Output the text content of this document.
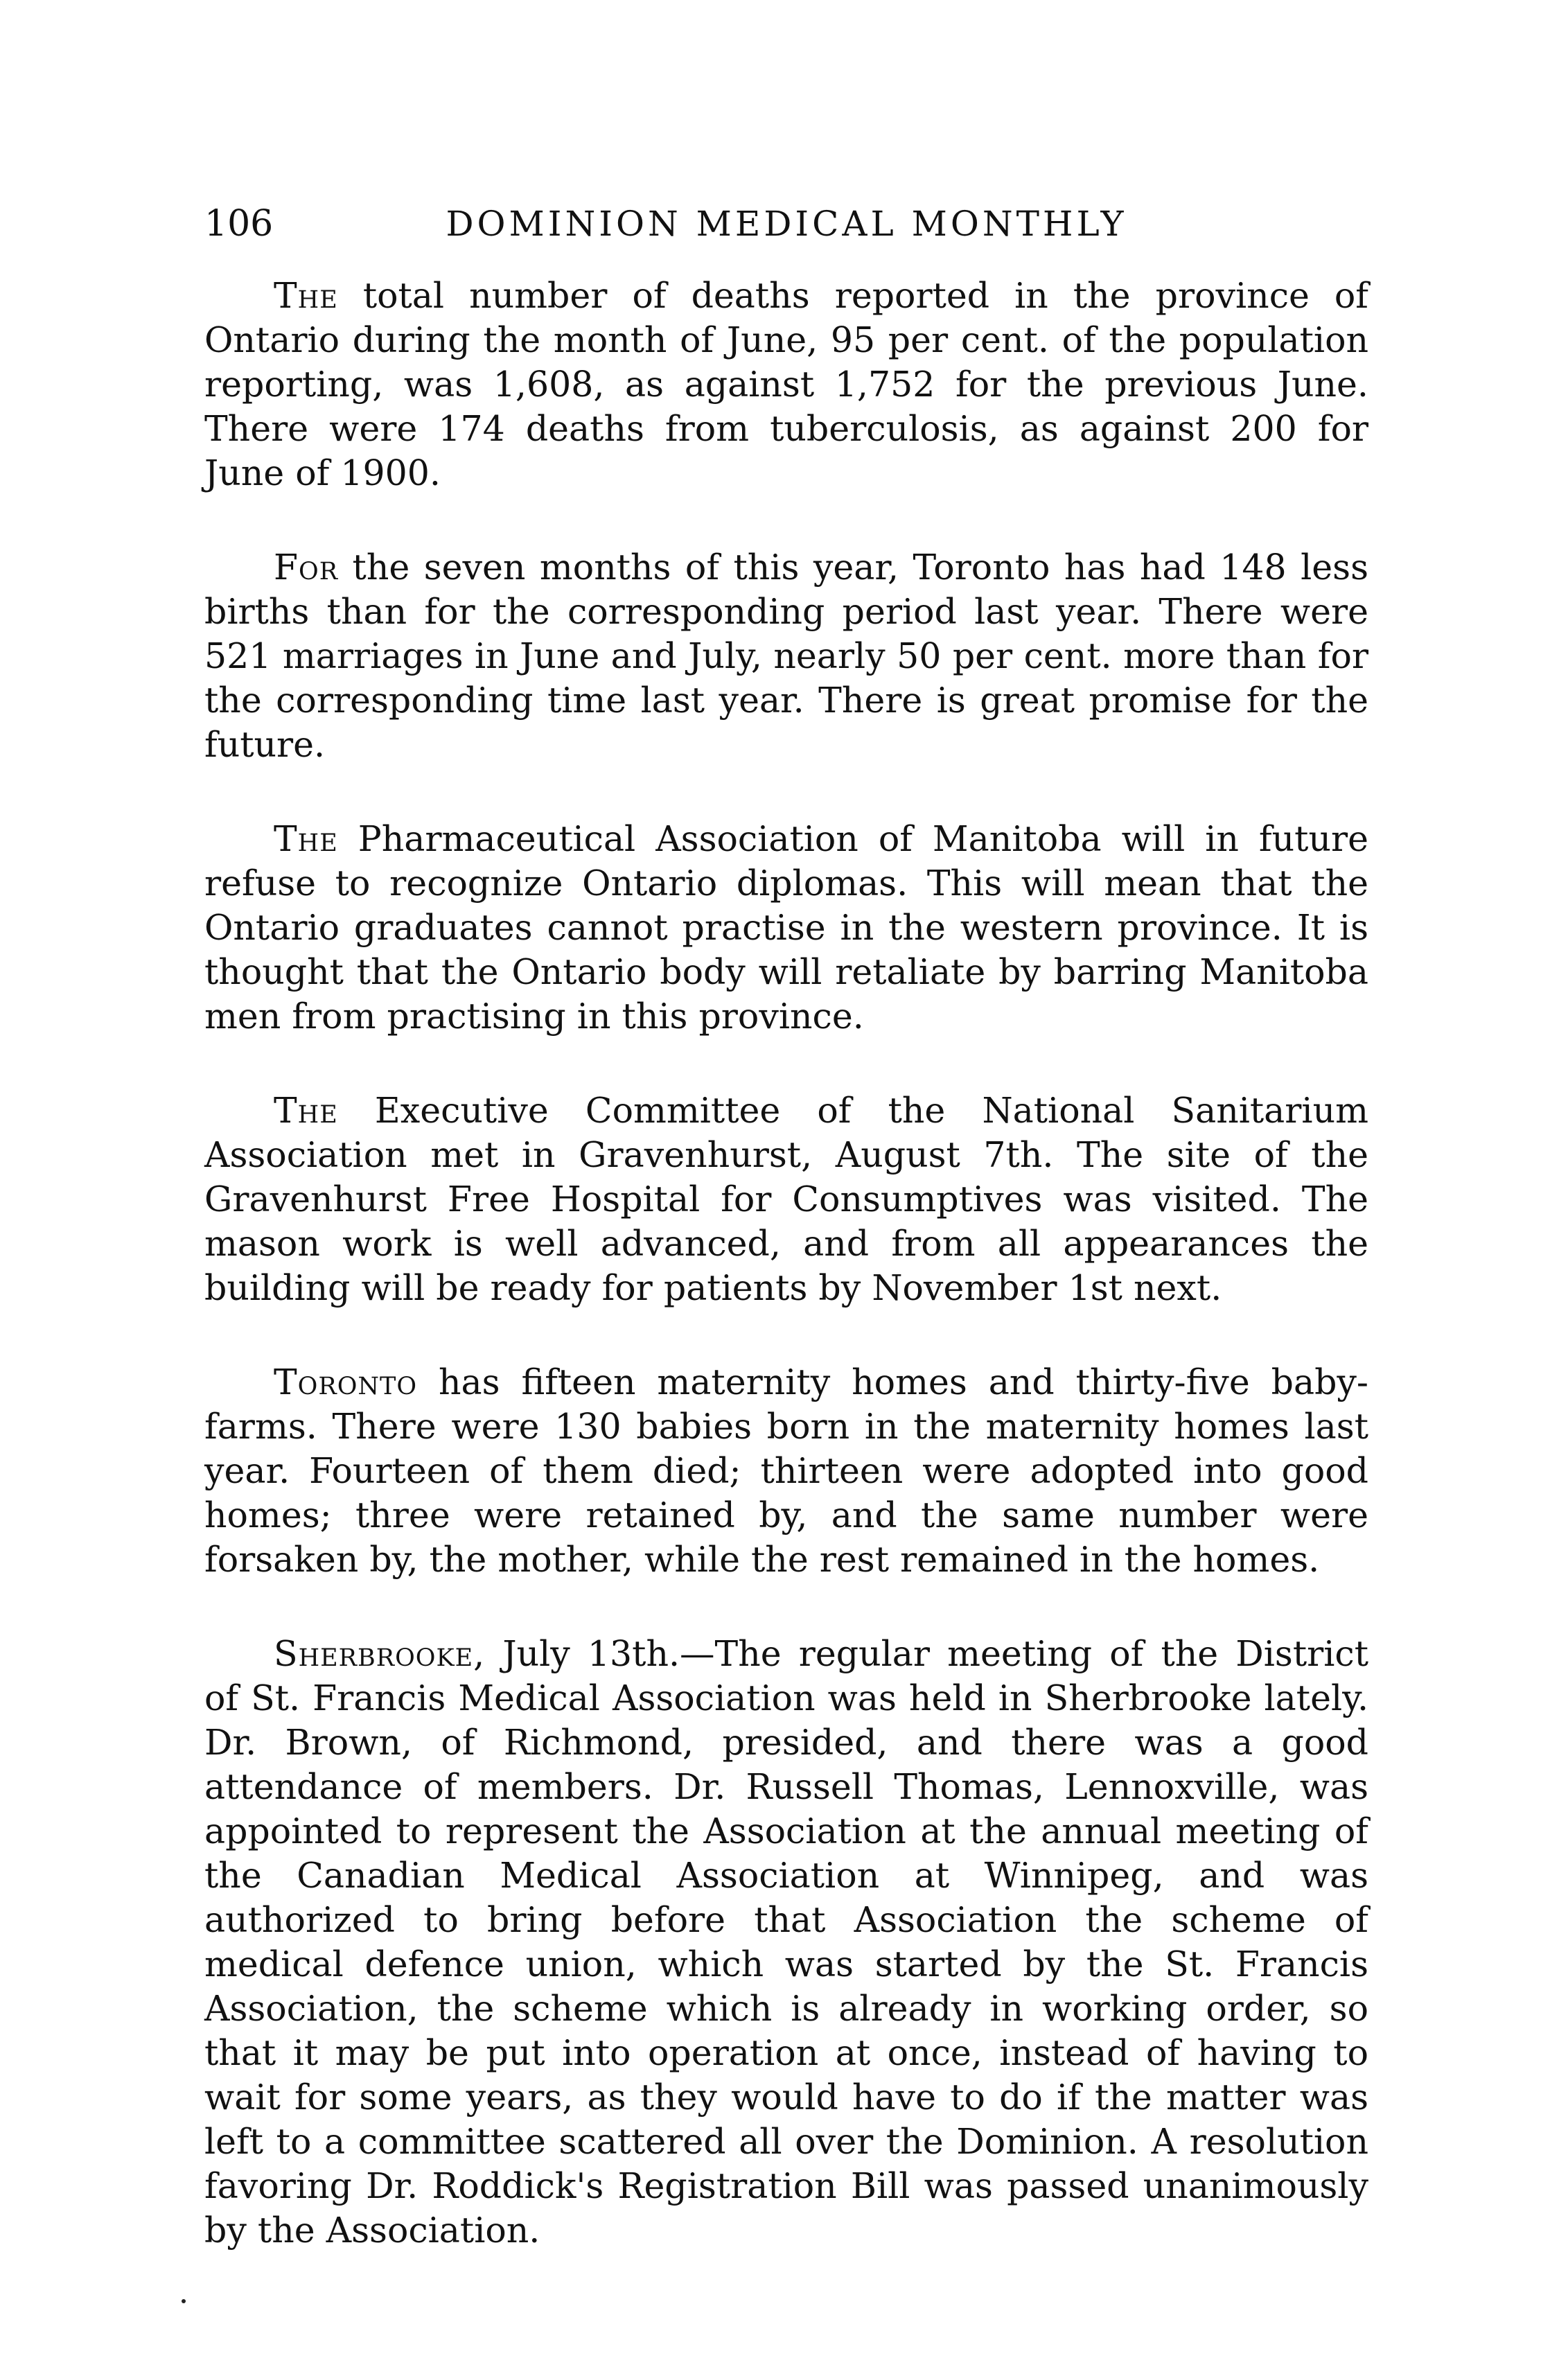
106	DOMINION MEDICAL MONTHLY

The total number of deaths reported in the province of Ontario during the month of June, 95 per cent. of the population reporting, was 1,608, as against 1,752 for the previous June. There were 174 deaths from tuberculosis, as against 200 for June of 1900.

For the seven months of this year, Toronto has had 148 less births than for the corresponding period last year. There were 521 marriages in June and July, nearly 50 per cent. more than for the corresponding time last year. There is great promise for the future.

The Pharmaceutical Association of Manitoba will in future refuse to recognize Ontario diplomas. This will mean that the Ontario graduates cannot practise in the western province. It is thought that the Ontario body will retaliate by barring Manitoba men from practising in this province.

The Executive Committee of the National Sanitarium Association met in Gravenhurst, August 7th. The site of the Gravenhurst Free Hospital for Consumptives was visited. The mason work is well advanced, and from all appearances the building will be ready for patients by November 1st next.

Toronto has fifteen maternity homes and thirty-five baby-farms. There were 130 babies born in the maternity homes last year. Fourteen of them died; thirteen were adopted into good homes; three were retained by, and the same number were forsaken by, the mother, while the rest remained in the homes.

Sherbrooke, July 13th.—The regular meeting of the District of St. Francis Medical Association was held in Sherbrooke lately. Dr. Brown, of Richmond, presided, and there was a good attendance of members. Dr. Russell Thomas, Lennoxville, was appointed to represent the Association at the annual meeting of the Canadian Medical Association at Winnipeg, and was authorized to bring before that Association the scheme of medical defence union, which was started by the St. Francis Association, the scheme which is already in working order, so that it may be put into operation at once, instead of having to wait for some years, as they would have to do if the matter was left to a committee scattered all over the Dominion. A resolution favoring Dr. Roddick's Registration Bill was passed unanimously by the Association.
